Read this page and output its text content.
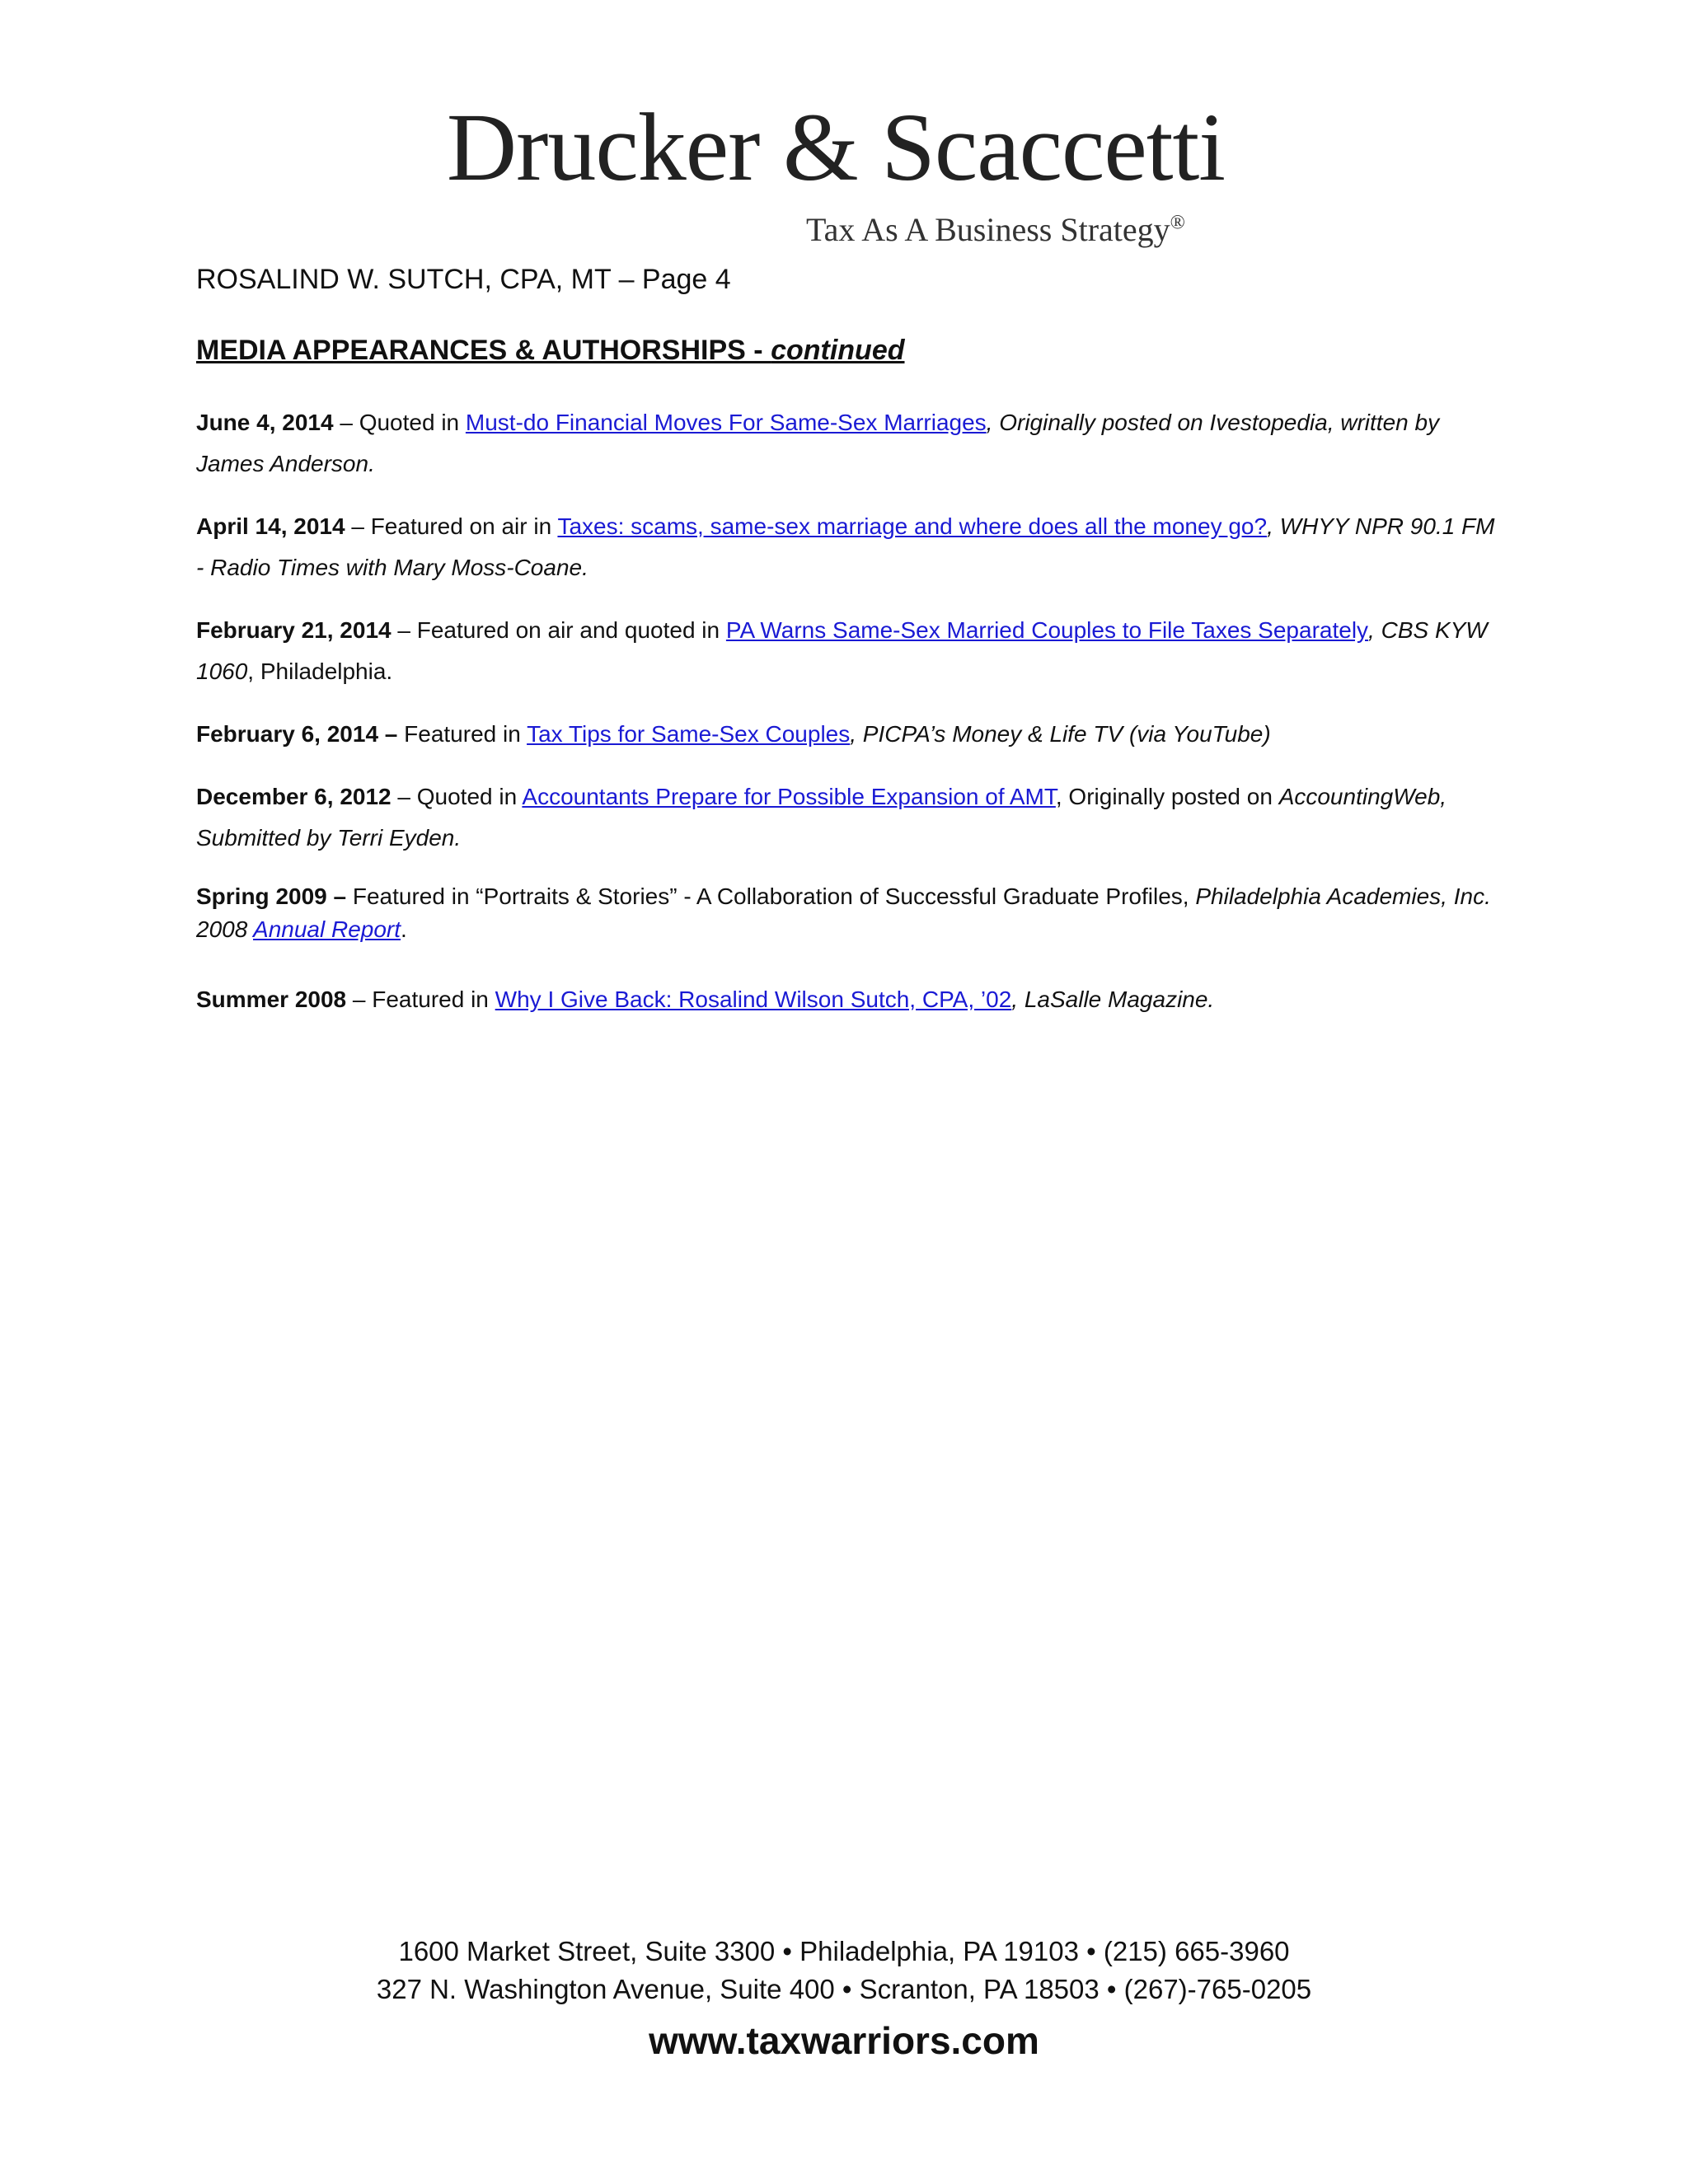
Drucker & Scaccetti
Tax As A Business Strategy®

ROSALIND W. SUTCH, CPA, MT – Page 4

MEDIA APPEARANCES & AUTHORSHIPS - continued
June 4, 2014 – Quoted in Must-do Financial Moves For Same-Sex Marriages, Originally posted on Ivestopedia, written by James Anderson.
April 14, 2014 – Featured on air in Taxes: scams, same-sex marriage and where does all the money go?, WHYY NPR 90.1 FM - Radio Times with Mary Moss-Coane.
February 21, 2014 – Featured on air and quoted in PA Warns Same-Sex Married Couples to File Taxes Separately, CBS KYW 1060, Philadelphia.
February 6, 2014 – Featured in Tax Tips for Same-Sex Couples, PICPA’s Money & Life TV (via YouTube)
December 6, 2012 – Quoted in Accountants Prepare for Possible Expansion of AMT, Originally posted on AccountingWeb, Submitted by Terri Eyden.
Spring 2009 – Featured in “Portraits & Stories” - A Collaboration of Successful Graduate Profiles, Philadelphia Academies, Inc. 2008 Annual Report.
Summer 2008 – Featured in Why I Give Back: Rosalind Wilson Sutch, CPA, ’02, LaSalle Magazine.
1600 Market Street, Suite 3300 • Philadelphia, PA 19103 • (215) 665-3960
327 N. Washington Avenue, Suite 400 • Scranton, PA 18503 • (267)-765-0205
www.taxwarriors.com
